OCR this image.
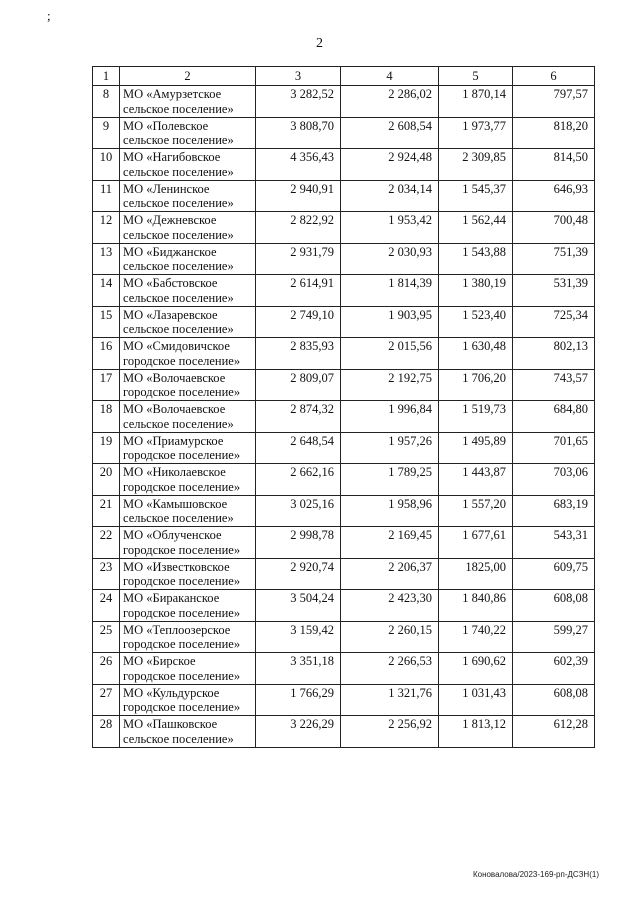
;
2
1	2	3	4	5	6
8	МО «Амурзетское
сельское поселение»	3 282,52	2 286,02	1 870,14	797,57
9	МО «Полевское
сельское поселение»	3 808,70	2 608,54	1 973,77	818,20
10	МО «Нагибовское
сельское поселение»	4 356,43	2 924,48	2 309,85	814,50
11	МО «Ленинское
сельское поселение»	2 940,91	2 034,14	1 545,37	646,93
12	МО «Дежневское
сельское поселение»	2 822,92	1 953,42	1 562,44	700,48
13	МО «Биджанское
сельское поселение»	2 931,79	2 030,93	1 543,88	751,39
14	МО «Бабстовское
сельское поселение»	2 614,91	1 814,39	1 380,19	531,39
15	МО «Лазаревское
сельское поселение»	2 749,10	1 903,95	1 523,40	725,34
16	МО «Смидовичское
городское поселение»	2 835,93	2 015,56	1 630,48	802,13
17	МО «Волочаевское
городское поселение»	2 809,07	2 192,75	1 706,20	743,57
18	МО «Волочаевское
сельское поселение»	2 874,32	1 996,84	1 519,73	684,80
19	МО «Приамурское
городское поселение»	2 648,54	1 957,26	1 495,89	701,65
20	МО «Николаевское
городское поселение»	2 662,16	1 789,25	1 443,87	703,06
21	МО «Камышовское
сельское поселение»	3 025,16	1 958,96	1 557,20	683,19
22	МО «Облученское
городское поселение»	2 998,78	2 169,45	1 677,61	543,31
23	МО «Известковское
городское поселение»	2 920,74	2 206,37	1825,00	609,75
24	МО «Бираканское
городское поселение»	3 504,24	2 423,30	1 840,86	608,08
25	МО «Теплоозерское
городское поселение»	3 159,42	2 260,15	1 740,22	599,27
26	МО «Бирское
городское поселение»	3 351,18	2 266,53	1 690,62	602,39
27	МО «Кульдурское
городское поселение»	1 766,29	1 321,76	1 031,43	608,08
28	МО «Пашковское
сельское поселение»	3 226,29	2 256,92	1 813,12	612,28
Коновалова/2023-169-рп-ДСЗН(1)
